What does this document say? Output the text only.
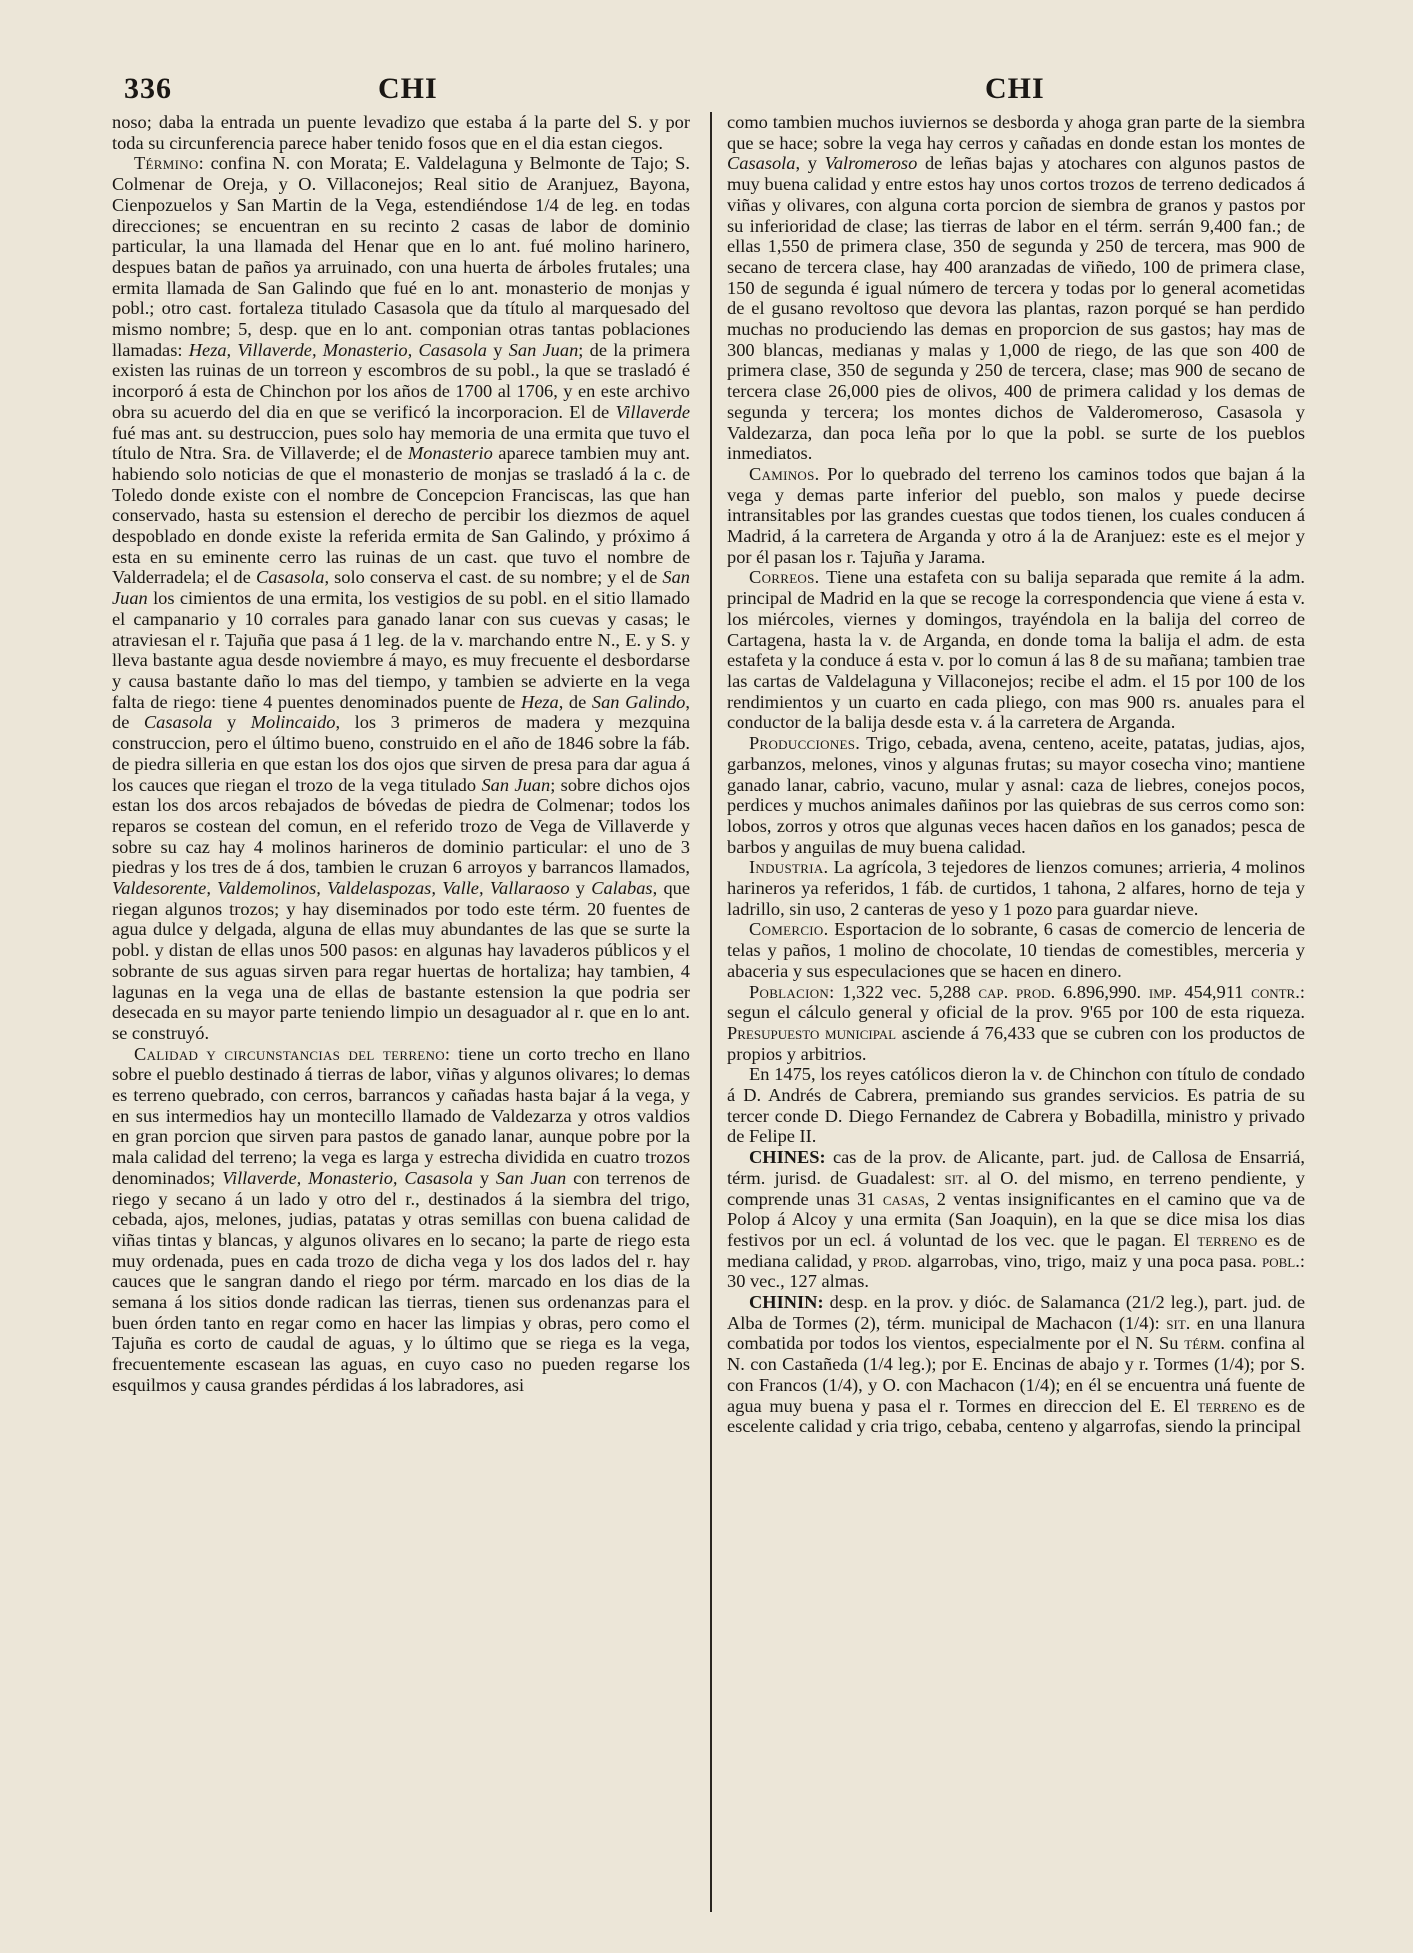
336	CHI	CHI

noso; daba la entrada un puente levadizo que estaba á la parte del S. y por toda su circunferencia parece haber tenido fosos que en el dia estan ciegos.

Término: confina N. con Morata; E. Valdelaguna y Belmonte de Tajo; S. Colmenar de Oreja, y O. Villaconejos; Real sitio de Aranjuez, Bayona, Cienpozuelos y San Martin de la Vega, estendiéndose 1/4 de leg. en todas direcciones; se encuentran en su recinto 2 casas de labor de dominio particular, la una llamada del Henar que en lo ant. fué molino harinero, despues batan de paños ya arruinado, con una huerta de árboles frutales; una ermita llamada de San Galindo que fué en lo ant. monasterio de monjas y pobl.; otro cast. fortaleza titulado Casasola que da título al marquesado del mismo nombre; 5, desp. que en lo ant. componian otras tantas poblaciones llamadas: Heza, Villaverde, Monasterio, Casasola y San Juan; de la primera existen las ruinas de un torreon y escombros de su pobl., la que se trasladó é incorporó á esta de Chinchon por los años de 1700 al 1706, y en este archivo obra su acuerdo del dia en que se verificó la incorporacion. El de Villaverde fué mas ant. su destruccion, pues solo hay memoria de una ermita que tuvo el título de Ntra. Sra. de Villaverde; el de Monasterio aparece tambien muy ant. habiendo solo noticias de que el monasterio de monjas se trasladó á la c. de Toledo donde existe con el nombre de Concepcion Franciscas, las que han conservado, hasta su estension el derecho de percibir los diezmos de aquel despoblado en donde existe la referida ermita de San Galindo, y próximo á esta en su eminente cerro las ruinas de un cast. que tuvo el nombre de Valderradela; el de Casasola, solo conserva el cast. de su nombre; y el de San Juan los cimientos de una ermita, los vestigios de su pobl. en el sitio llamado el campanario y 10 corrales para ganado lanar con sus cuevas y casas; le atraviesan el r. Tajuña que pasa á 1 leg. de la v. marchando entre N., E. y S. y lleva bastante agua desde noviembre á mayo, es muy frecuente el desbordarse y causa bastante daño lo mas del tiempo, y tambien se advierte en la vega falta de riego: tiene 4 puentes denominados puente de Heza, de San Galindo, de Casasola y Molincaido, los 3 primeros de madera y mezquina construccion, pero el último bueno, construido en el año de 1846 sobre la fáb. de piedra silleria en que estan los dos ojos que sirven de presa para dar agua á los cauces que riegan el trozo de la vega titulado San Juan; sobre dichos ojos estan los dos arcos rebajados de bóvedas de piedra de Colmenar; todos los reparos se costean del comun, en el referido trozo de Vega de Villaverde y sobre su caz hay 4 molinos harineros de dominio particular: el uno de 3 piedras y los tres de á dos, tambien le cruzan 6 arroyos y barrancos llamados, Valdesorente, Valdemolinos, Valdelaspozas, Valle, Vallaraoso y Calabas, que riegan algunos trozos; y hay diseminados por todo este térm. 20 fuentes de agua dulce y delgada, alguna de ellas muy abundantes de las que se surte la pobl. y distan de ellas unos 500 pasos: en algunas hay lavaderos públicos y el sobrante de sus aguas sirven para regar huertas de hortaliza; hay tambien, 4 lagunas en la vega una de ellas de bastante estension la que podria ser desecada en su mayor parte teniendo limpio un desaguador al r. que en lo ant. se construyó.

Calidad y circunstancias del terreno: tiene un corto trecho en llano sobre el pueblo destinado á tierras de labor, viñas y algunos olivares; lo demas es terreno quebrado, con cerros, barrancos y cañadas hasta bajar á la vega, y en sus intermedios hay un montecillo llamado de Valdezarza y otros valdios en gran porcion que sirven para pastos de ganado lanar, aunque pobre por la mala calidad del terreno; la vega es larga y estrecha dividida en cuatro trozos denominados; Villaverde, Monasterio, Casasola y San Juan con terrenos de riego y secano á un lado y otro del r., destinados á la siembra del trigo, cebada, ajos, melones, judias, patatas y otras semillas con buena calidad de viñas tintas y blancas, y algunos olivares en lo secano; la parte de riego esta muy ordenada, pues en cada trozo de dicha vega y los dos lados del r. hay cauces que le sangran dando el riego por térm. marcado en los dias de la semana á los sitios donde radican las tierras, tienen sus ordenanzas para el buen órden tanto en regar como en hacer las limpias y obras, pero como el Tajuña es corto de caudal de aguas, y lo último que se riega es la vega, frecuentemente escasean las aguas, en cuyo caso no pueden regarse los esquilmos y causa grandes pérdidas á los labradores, asi

como tambien muchos iuviernos se desborda y ahoga gran parte de la siembra que se hace; sobre la vega hay cerros y cañadas en donde estan los montes de Casasola, y Valromeroso de leñas bajas y atochares con algunos pastos de muy buena calidad y entre estos hay unos cortos trozos de terreno dedicados á viñas y olivares, con alguna corta porcion de siembra de granos y pastos por su inferioridad de clase; las tierras de labor en el térm. serrán 9,400 fan.; de ellas 1,550 de primera clase, 350 de segunda y 250 de tercera, mas 900 de secano de tercera clase, hay 400 aranzadas de viñedo, 100 de primera clase, 150 de segunda é igual número de tercera y todas por lo general acometidas de el gusano revoltoso que devora las plantas, razon porqué se han perdido muchas no produciendo las demas en proporcion de sus gastos; hay mas de 300 blancas, medianas y malas y 1,000 de riego, de las que son 400 de primera clase, 350 de segunda y 250 de tercera, clase; mas 900 de secano de tercera clase 26,000 pies de olivos, 400 de primera calidad y los demas de segunda y tercera; los montes dichos de Valderomeroso, Casasola y Valdezarza, dan poca leña por lo que la pobl. se surte de los pueblos inmediatos.

Caminos. Por lo quebrado del terreno los caminos todos que bajan á la vega y demas parte inferior del pueblo, son malos y puede decirse intransitables por las grandes cuestas que todos tienen, los cuales conducen á Madrid, á la carretera de Arganda y otro á la de Aranjuez: este es el mejor y por él pasan los r. Tajuña y Jarama.

Correos. Tiene una estafeta con su balija separada que remite á la adm. principal de Madrid en la que se recoge la correspondencia que viene á esta v. los miércoles, viernes y domingos, trayéndola en la balija del correo de Cartagena, hasta la v. de Arganda, en donde toma la balija el adm. de esta estafeta y la conduce á esta v. por lo comun á las 8 de su mañana; tambien trae las cartas de Valdelaguna y Villaconejos; recibe el adm. el 15 por 100 de los rendimientos y un cuarto en cada pliego, con mas 900 rs. anuales para el conductor de la balija desde esta v. á la carretera de Arganda.

Producciones. Trigo, cebada, avena, centeno, aceite, patatas, judias, ajos, garbanzos, melones, vinos y algunas frutas; su mayor cosecha vino; mantiene ganado lanar, cabrio, vacuno, mular y asnal: caza de liebres, conejos pocos, perdices y muchos animales dañinos por las quiebras de sus cerros como son: lobos, zorros y otros que algunas veces hacen daños en los ganados; pesca de barbos y anguilas de muy buena calidad.

Industria. La agrícola, 3 tejedores de lienzos comunes; arrieria, 4 molinos harineros ya referidos, 1 fáb. de curtidos, 1 tahona, 2 alfares, horno de teja y ladrillo, sin uso, 2 canteras de yeso y 1 pozo para guardar nieve.

Comercio. Esportacion de lo sobrante, 6 casas de comercio de lenceria de telas y paños, 1 molino de chocolate, 10 tiendas de comestibles, merceria y abaceria y sus especulaciones que se hacen en dinero.

Poblacion: 1,322 vec. 5,288 cap. prod. 6.896,990. imp. 454,911 contr.: segun el cálculo general y oficial de la prov. 9'65 por 100 de esta riqueza. Presupuesto municipal asciende á 76,433 que se cubren con los productos de propios y arbitrios.

En 1475, los reyes católicos dieron la v. de Chinchon con título de condado á D. Andrés de Cabrera, premiando sus grandes servicios. Es patria de su tercer conde D. Diego Fernandez de Cabrera y Bobadilla, ministro y privado de Felipe II.

CHINES: cas de la prov. de Alicante, part. jud. de Callosa de Ensarriá, térm. jurisd. de Guadalest: sit. al O. del mismo, en terreno pendiente, y comprende unas 31 casas, 2 ventas insignificantes en el camino que va de Polop á Alcoy y una ermita (San Joaquin), en la que se dice misa los dias festivos por un ecl. á voluntad de los vec. que le pagan. El terreno es de mediana calidad, y prod. algarrobas, vino, trigo, maiz y una poca pasa. pobl.: 30 vec., 127 almas.

CHININ: desp. en la prov. y dióc. de Salamanca (21/2 leg.), part. jud. de Alba de Tormes (2), térm. municipal de Machacon (1/4): sit. en una llanura combatida por todos los vientos, especialmente por el N. Su térm. confina al N. con Castañeda (1/4 leg.); por E. Encinas de abajo y r. Tormes (1/4); por S. con Francos (1/4), y O. con Machacon (1/4); en él se encuentra uná fuente de agua muy buena y pasa el r. Tormes en direccion del E. El terreno es de escelente calidad y cria trigo, cebaba, centeno y algarrofas, siendo la principal
